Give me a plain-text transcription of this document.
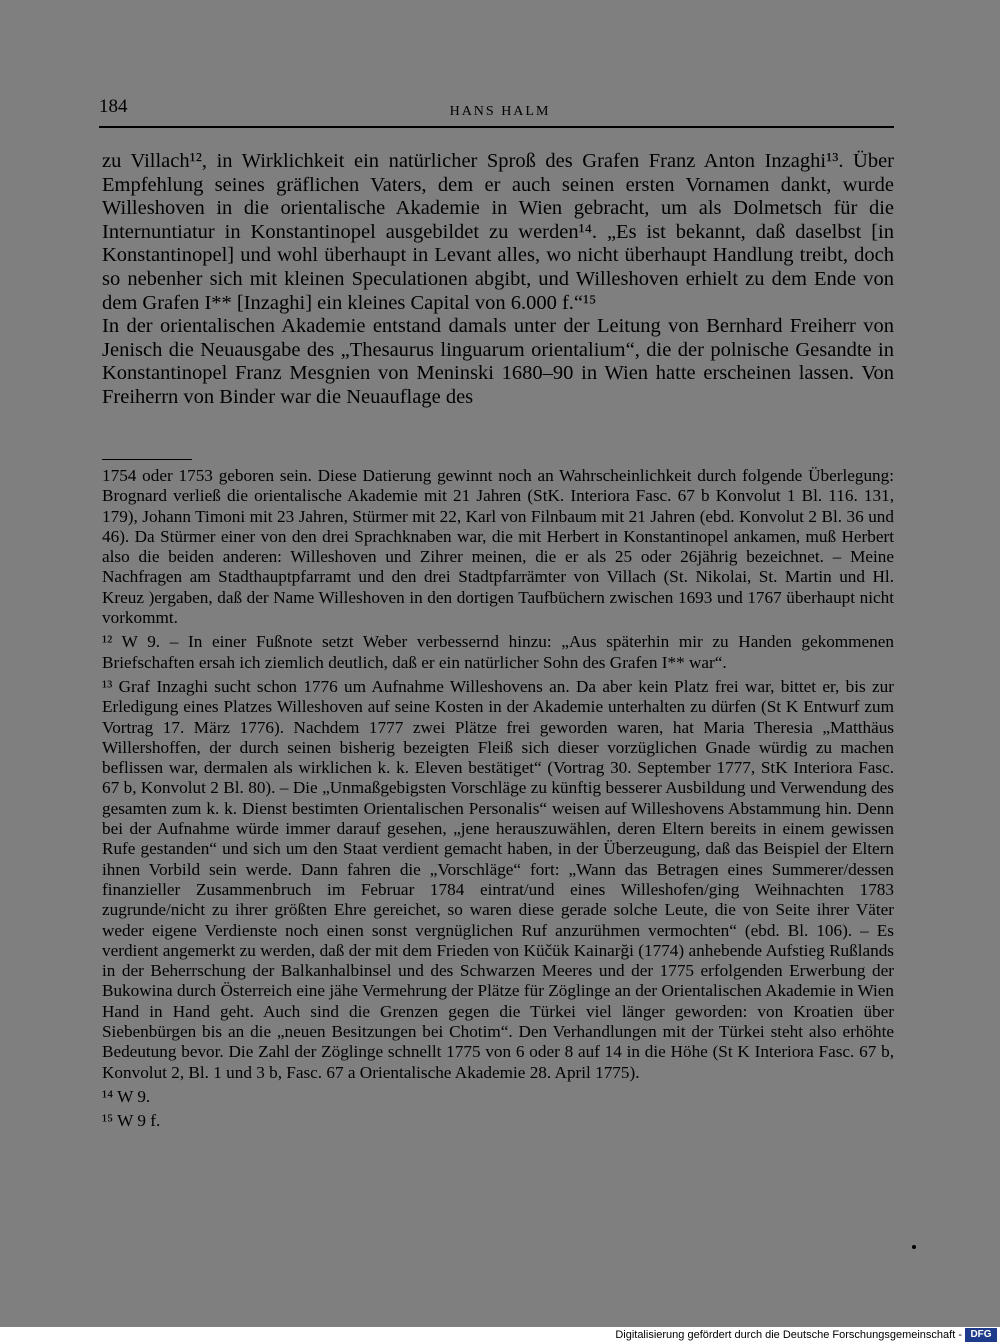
184	HANS HALM

zu Villach¹², in Wirklichkeit ein natürlicher Sproß des Grafen Franz Anton Inzaghi¹³. Über Empfehlung seines gräflichen Vaters, dem er auch seinen ersten Vornamen dankt, wurde Willeshoven in die orientalische Akademie in Wien gebracht, um als Dolmetsch für die Internuntiatur in Konstantinopel ausgebildet zu werden¹⁴. „Es ist bekannt, daß daselbst [in Konstantinopel] und wohl überhaupt in Levant alles, wo nicht überhaupt Handlung treibt, doch so nebenher sich mit kleinen Speculationen abgibt, und Willeshoven erhielt zu dem Ende von dem Grafen I** [Inzaghi] ein kleines Capital von 6.000 f.“¹⁵

In der orientalischen Akademie entstand damals unter der Leitung von Bernhard Freiherr von Jenisch die Neuausgabe des „Thesaurus linguarum orientalium“, die der polnische Gesandte in Konstantinopel Franz Mesgnien von Meninski 1680–90 in Wien hatte erscheinen lassen. Von Freiherrn von Binder war die Neuauflage des

1754 oder 1753 geboren sein. Diese Datierung gewinnt noch an Wahrscheinlichkeit durch folgende Überlegung: Brognard verließ die orientalische Akademie mit 21 Jahren (StK. Interiora Fasc. 67 b Konvolut 1 Bl. 116. 131, 179), Johann Timoni mit 23 Jahren, Stürmer mit 22, Karl von Filnbaum mit 21 Jahren (ebd. Konvolut 2 Bl. 36 und 46). Da Stürmer einer von den drei Sprachknaben war, die mit Herbert in Konstantinopel ankamen, muß Herbert also die beiden anderen: Willeshoven und Zihrer meinen, die er als 25 oder 26jährig bezeichnet. – Meine Nachfragen am Stadthauptpfarramt und den drei Stadtpfarrämter von Villach (St. Nikolai, St. Martin und Hl. Kreuz )ergaben, daß der Name Willeshoven in den dortigen Taufbüchern zwischen 1693 und 1767 überhaupt nicht vorkommt.

¹² W 9. – In einer Fußnote setzt Weber verbessernd hinzu: „Aus späterhin mir zu Handen gekommenen Briefschaften ersah ich ziemlich deutlich, daß er ein natürlicher Sohn des Grafen I** war“.

¹³ Graf Inzaghi sucht schon 1776 um Aufnahme Willeshovens an. Da aber kein Platz frei war, bittet er, bis zur Erledigung eines Platzes Willeshoven auf seine Kosten in der Akademie unterhalten zu dürfen (St K Entwurf zum Vortrag 17. März 1776). Nachdem 1777 zwei Plätze frei geworden waren, hat Maria Theresia „Matthäus Willershoffen, der durch seinen bisherig bezeigten Fleiß sich dieser vorzüglichen Gnade würdig zu machen beflissen war, dermalen als wirklichen k. k. Eleven bestätiget“ (Vortrag 30. September 1777, StK Interiora Fasc. 67 b, Konvolut 2 Bl. 80). – Die „Unmaßgebigsten Vorschläge zu künftig besserer Ausbildung und Verwendung des gesamten zum k. k. Dienst bestimten Orientalischen Personalis“ weisen auf Willeshovens Abstammung hin. Denn bei der Aufnahme würde immer darauf gesehen, „jene herauszuwählen, deren Eltern bereits in einem gewissen Rufe gestanden“ und sich um den Staat verdient gemacht haben, in der Überzeugung, daß das Beispiel der Eltern ihnen Vorbild sein werde. Dann fahren die „Vorschläge“ fort: „Wann das Betragen eines Summerer/dessen finanzieller Zusammenbruch im Februar 1784 eintrat/und eines Willeshofen/ging Weihnachten 1783 zugrunde/nicht zu ihrer größten Ehre gereichet, so waren diese gerade solche Leute, die von Seite ihrer Väter weder eigene Verdienste noch einen sonst vergnüglichen Ruf anzurühmen vermochten“ (ebd. Bl. 106). – Es verdient angemerkt zu werden, daß der mit dem Frieden von Küčük Kainarği (1774) anhebende Aufstieg Rußlands in der Beherrschung der Balkanhalbinsel und des Schwarzen Meeres und der 1775 erfolgenden Erwerbung der Bukowina durch Österreich eine jähe Vermehrung der Plätze für Zöglinge an der Orientalischen Akademie in Wien Hand in Hand geht. Auch sind die Grenzen gegen die Türkei viel länger geworden: von Kroatien über Siebenbürgen bis an die „neuen Besitzungen bei Chotim“. Den Verhandlungen mit der Türkei steht also erhöhte Bedeutung bevor. Die Zahl der Zöglinge schnellt 1775 von 6 oder 8 auf 14 in die Höhe (St K Interiora Fasc. 67 b, Konvolut 2, Bl. 1 und 3 b, Fasc. 67 a Orientalische Akademie 28. April 1775).

¹⁴ W 9.

¹⁵ W 9 f.

Digitalisierung gefördert durch die Deutsche Forschungsgemeinschaft - DFG
